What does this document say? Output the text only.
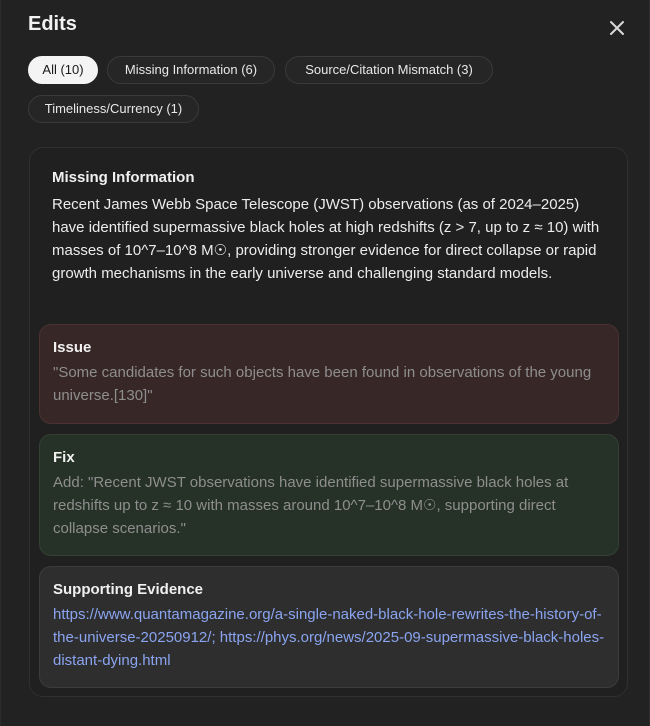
Edits
All (10)	Missing Information (6)	Source/Citation Mismatch (3)
Timeliness/Currency (1)
Missing Information
Recent James Webb Space Telescope (JWST) observations (as of 2024–2025) have identified supermassive black holes at high redshifts (z > 7, up to z ≈ 10) with masses of 10^7–10^8 M☉, providing stronger evidence for direct collapse or rapid growth mechanisms in the early universe and challenging standard models.
Issue
"Some candidates for such objects have been found in observations of the young universe.[130]"
Fix
Add: "Recent JWST observations have identified supermassive black holes at redshifts up to z ≈ 10 with masses around 10^7–10^8 M☉, supporting direct collapse scenarios."
Supporting Evidence
https://www.quantamagazine.org/a-single-naked-black-hole-rewrites-the-history-of-the-universe-20250912/; https://phys.org/news/2025-09-supermassive-black-holes-distant-dying.html
